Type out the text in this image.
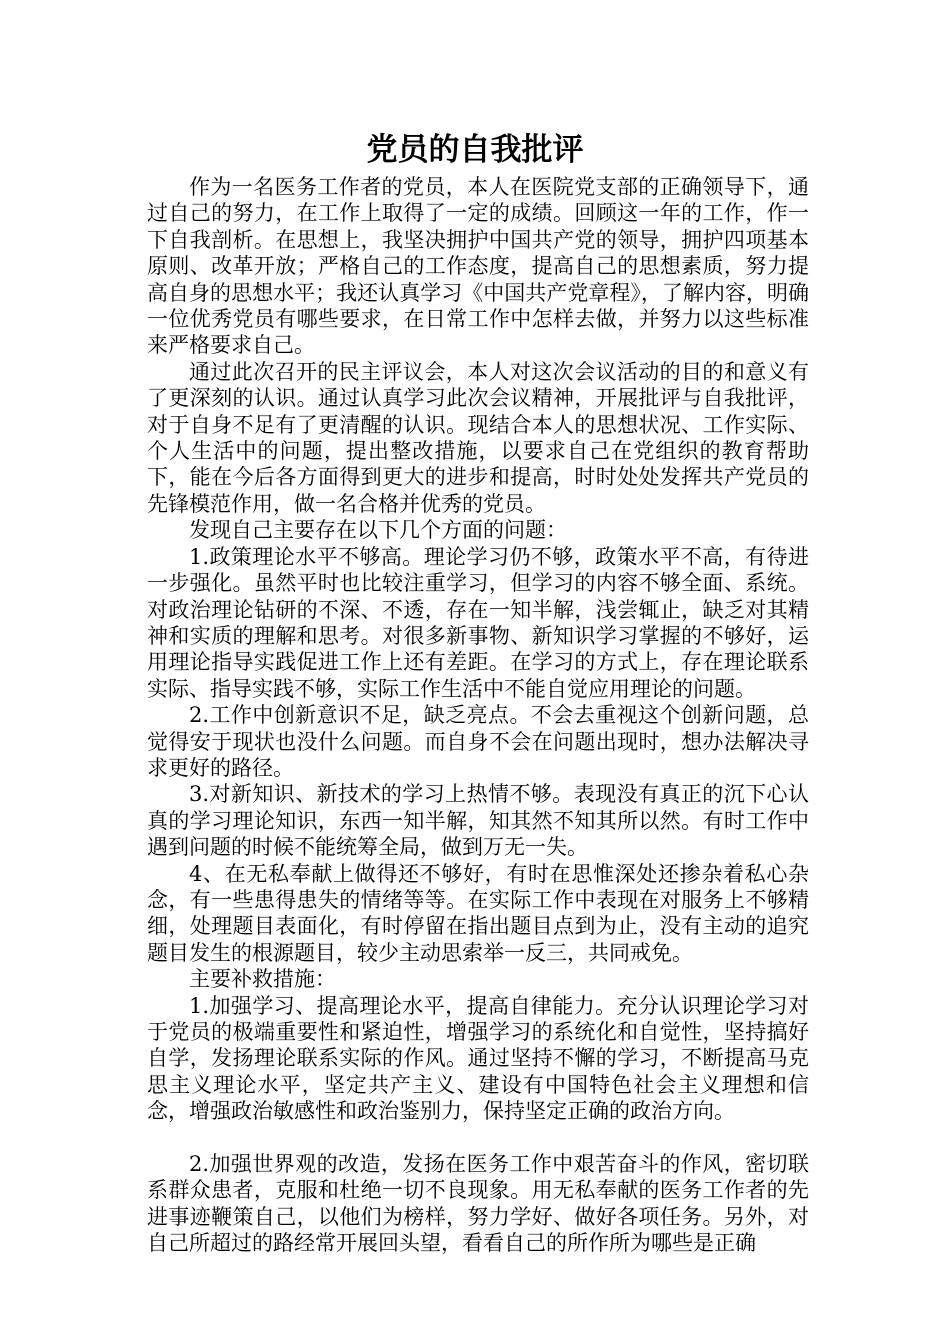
党员的自我批评

作为一名医务工作者的党员，本人在医院党支部的正确领导下，通过自己的努力，在工作上取得了一定的成绩。回顾这一年的工作，作一下自我剖析。在思想上，我坚决拥护中国共产党的领导，拥护四项基本原则、改革开放；严格自己的工作态度，提高自己的思想素质，努力提高自身的思想水平；我还认真学习《中国共产党章程》，了解内容，明确一位优秀党员有哪些要求，在日常工作中怎样去做，并努力以这些标准来严格要求自己。

通过此次召开的民主评议会，本人对这次会议活动的目的和意义有了更深刻的认识。通过认真学习此次会议精神，开展批评与自我批评，对于自身不足有了更清醒的认识。现结合本人的思想状况、工作实际、个人生活中的问题，提出整改措施，以要求自己在党组织的教育帮助下，能在今后各方面得到更大的进步和提高，时时处处发挥共产党员的先锋模范作用，做一名合格并优秀的党员。

发现自己主要存在以下几个方面的问题：

1.政策理论水平不够高。理论学习仍不够，政策水平不高，有待进一步强化。虽然平时也比较注重学习，但学习的内容不够全面、系统。对政治理论钻研的不深、不透，存在一知半解，浅尝辄止，缺乏对其精神和实质的理解和思考。对很多新事物、新知识学习掌握的不够好，运用理论指导实践促进工作上还有差距。在学习的方式上，存在理论联系实际、指导实践不够，实际工作生活中不能自觉应用理论的问题。

2.工作中创新意识不足，缺乏亮点。不会去重视这个创新问题，总觉得安于现状也没什么问题。而自身不会在问题出现时，想办法解决寻求更好的路径。

3.对新知识、新技术的学习上热情不够。表现没有真正的沉下心认真的学习理论知识，东西一知半解，知其然不知其所以然。有时工作中遇到问题的时候不能统筹全局，做到万无一失。

4、在无私奉献上做得还不够好，有时在思惟深处还掺杂着私心杂念，有一些患得患失的情绪等等。在实际工作中表现在对服务上不够精细，处理题目表面化，有时停留在指出题目点到为止，没有主动的追究题目发生的根源题目，较少主动思索举一反三，共同戒免。

主要补救措施：

1.加强学习、提高理论水平，提高自律能力。充分认识理论学习对于党员的极端重要性和紧迫性，增强学习的系统化和自觉性，坚持搞好自学，发扬理论联系实际的作风。通过坚持不懈的学习，不断提高马克思主义理论水平，坚定共产主义、建设有中国特色社会主义理想和信念，增强政治敏感性和政治鉴别力，保持坚定正确的政治方向。

2.加强世界观的改造，发扬在医务工作中艰苦奋斗的作风，密切联系群众患者，克服和杜绝一切不良现象。用无私奉献的医务工作者的先进事迹鞭策自己，以他们为榜样，努力学好、做好各项任务。另外，对自己所超过的路经常开展回头望，看看自己的所作所为哪些是正确
